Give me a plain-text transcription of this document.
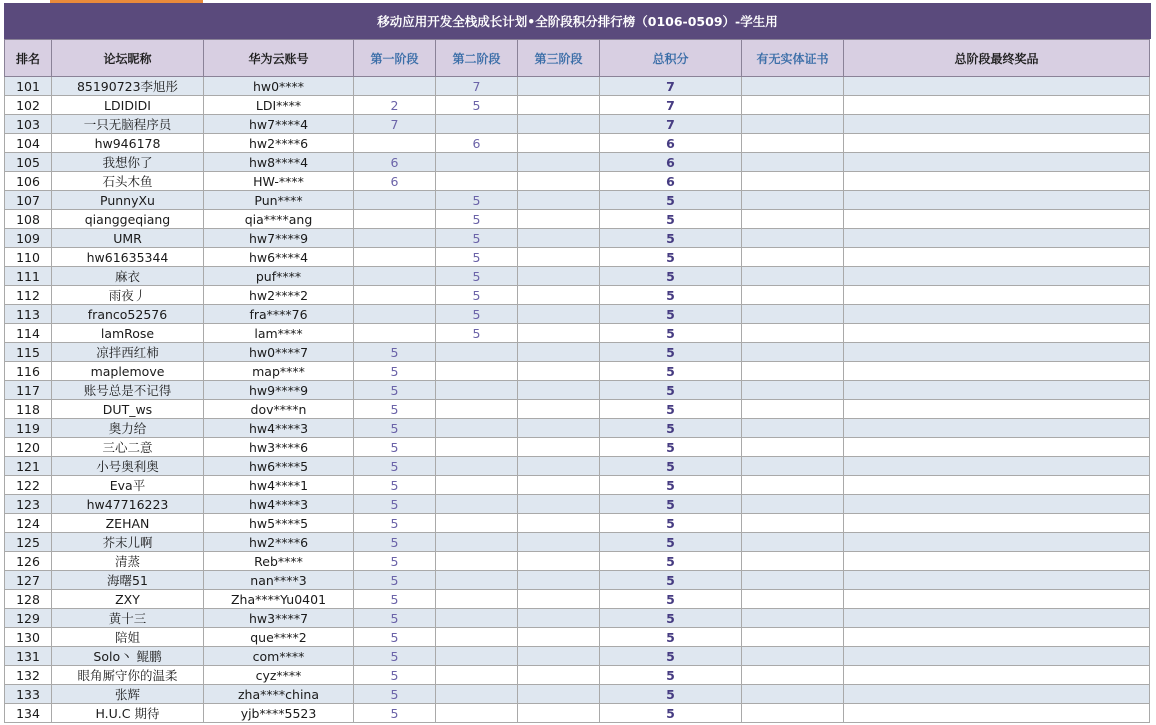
移动应用开发全栈成长计划•全阶段积分排行榜（0106-0509）-学生用
排名	论坛昵称	华为云账号	第一阶段	第二阶段	第三阶段	总积分	有无实体证书	总阶段最终奖品
101	85190723李旭彤	hw0****		7		7		
102	LDIDIDI	LDI****	2	5		7		
103	一只无脑程序员	hw7****4	7			7		
104	hw946178	hw2****6		6		6		
105	我想你了	hw8****4	6			6		
106	石头木鱼	HW-****	6			6		
107	PunnyXu	Pun****		5		5		
108	qianggeqiang	qia****ang		5		5		
109	UMR	hw7****9		5		5		
110	hw61635344	hw6****4		5		5		
111	麻衣	puf****		5		5		
112	雨夜丿	hw2****2		5		5		
113	franco52576	fra****76		5		5		
114	lamRose	lam****		5		5		
115	凉拌西红柿	hw0****7	5			5		
116	maplemove	map****	5			5		
117	账号总是不记得	hw9****9	5			5		
118	DUT_ws	dov****n	5			5		
119	奥力给	hw4****3	5			5		
120	三心二意	hw3****6	5			5		
121	小号奥利奥	hw6****5	5			5		
122	Eva平	hw4****1	5			5		
123	hw47716223	hw4****3	5			5		
124	ZEHAN	hw5****5	5			5		
125	芥末儿啊	hw2****6	5			5		
126	清蒸	Reb****	5			5		
127	海曙51	nan****3	5			5		
128	ZXY	Zha****Yu0401	5			5		
129	黄十三	hw3****7	5			5		
130	陪姐	que****2	5			5		
131	Solo丶 鲲鹏	com****	5			5		
132	眼角厮守你的温柔	cyz****	5			5		
133	张辉	zha****china	5			5		
134	H.U.C 期待	yjb****5523	5			5		
